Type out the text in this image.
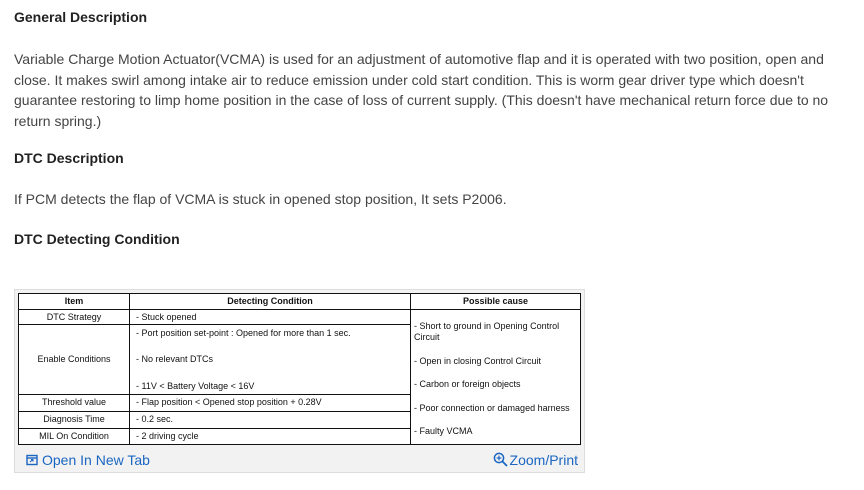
General Description
Variable Charge Motion Actuator(VCMA) is used for an adjustment of automotive flap and it is operated with two position, open and close. It makes swirl among intake air to reduce emission under cold start condition. This is worm gear driver type which doesn't guarantee restoring to limp home position in the case of loss of current supply. (This doesn't have mechanical return force due to no return spring.)
DTC Description
If PCM detects the flap of VCMA is stuck in opened stop position, It sets P2006.
DTC Detecting Condition
Item	Detecting Condition	Possible cause
DTC Strategy	- Stuck opened	- Short to ground in Opening Control Circuit
- Open in closing Control Circuit
- Carbon or foreign objects
- Poor connection or damaged harness
- Faulty VCMA

Enable Conditions	- Port position set-point : Opened for more than 1 sec.
- No relevant DTCs
- 11V < Battery Voltage < 16V	

Threshold value	- Flap position < Opened stop position + 0.28V	

Diagnosis Time	- 0.2 sec.	

MIL On Condition	- 2 driving cycle	
Open In New Tab	Zoom/Print
